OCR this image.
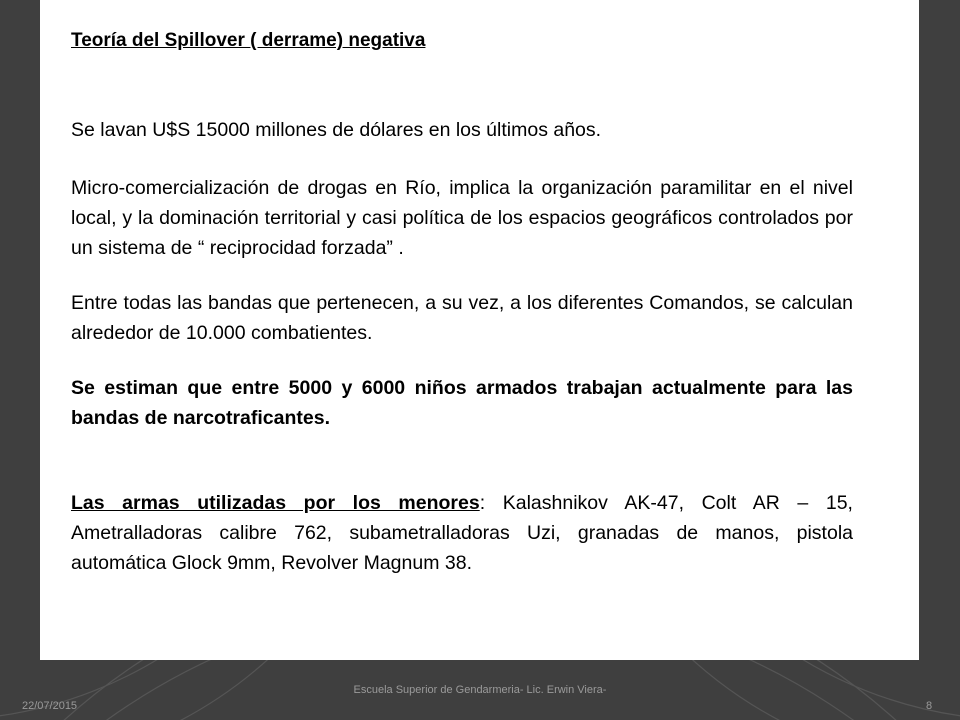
Teoría del Spillover ( derrame) negativa

Se lavan U$S 15000 millones de dólares en los últimos años.

Micro-comercialización de drogas en Río, implica la organización paramilitar en el nivel local, y la dominación territorial y casi política de los espacios geográficos controlados por un sistema de “ reciprocidad forzada” .

Entre todas las bandas que pertenecen, a su vez, a los diferentes Comandos, se calculan alrededor de 10.000 combatientes.

Se estiman que entre 5000 y 6000 niños armados trabajan actualmente para las bandas de narcotraficantes.

Las armas utilizadas por los menores: Kalashnikov AK-47, Colt AR – 15, Ametralladoras calibre 762, subametralladoras Uzi, granadas de manos, pistola automática Glock 9mm, Revolver Magnum 38.

22/07/2015
Escuela Superior de Gendarmeria- Lic. Erwin Viera-
8
